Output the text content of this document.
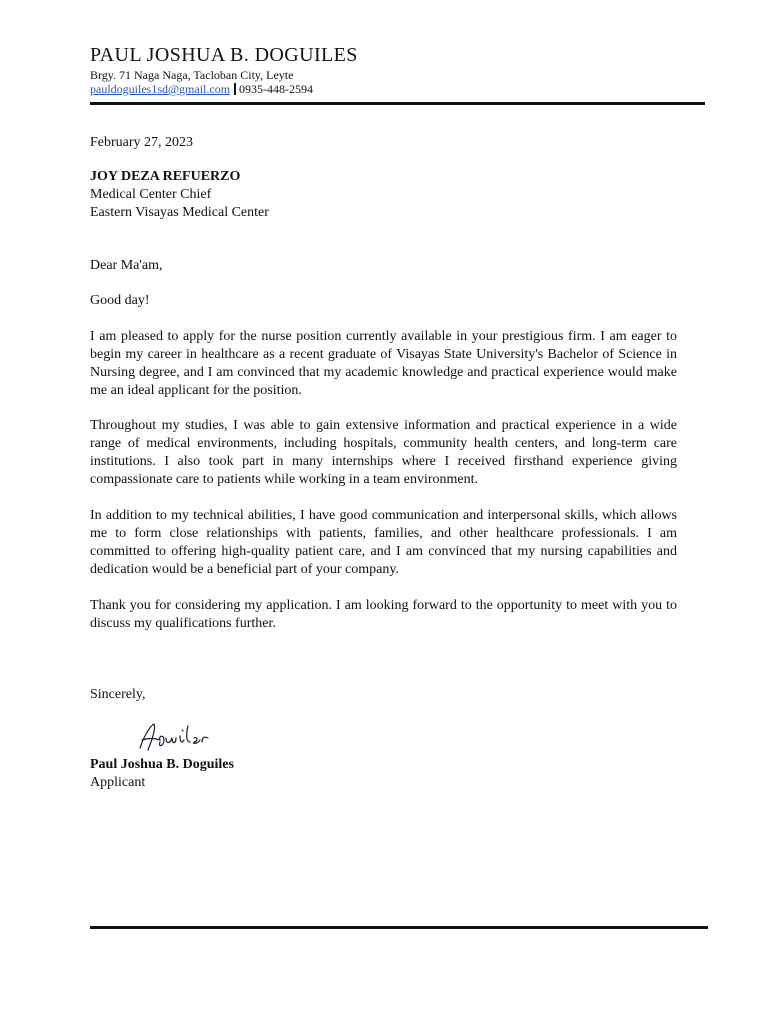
PAUL JOSHUA B. DOGUILES
Brgy. 71 Naga Naga, Tacloban City, Leyte
pauldoguiles1sd@gmail.com 0935-448-2594
February 27, 2023
JOY DEZA REFUERZO
Medical Center Chief
Eastern Visayas Medical Center
Dear Ma'am,
Good day!
I am pleased to apply for the nurse position currently available in your prestigious firm. I am eager to begin my career in healthcare as a recent graduate of Visayas State University's Bachelor of Science in Nursing degree, and I am convinced that my academic knowledge and practical experience would make me an ideal applicant for the position.
Throughout my studies, I was able to gain extensive information and practical experience in a wide range of medical environments, including hospitals, community health centers, and long-term care institutions. I also took part in many internships where I received firsthand experience giving compassionate care to patients while working in a team environment.
In addition to my technical abilities, I have good communication and interpersonal skills, which allows me to form close relationships with patients, families, and other healthcare professionals. I am committed to offering high-quality patient care, and I am convinced that my nursing capabilities and dedication would be a beneficial part of your company.
Thank you for considering my application. I am looking forward to the opportunity to meet with you to discuss my qualifications further.
Sincerely,
Paul Joshua B. Doguiles
Applicant
